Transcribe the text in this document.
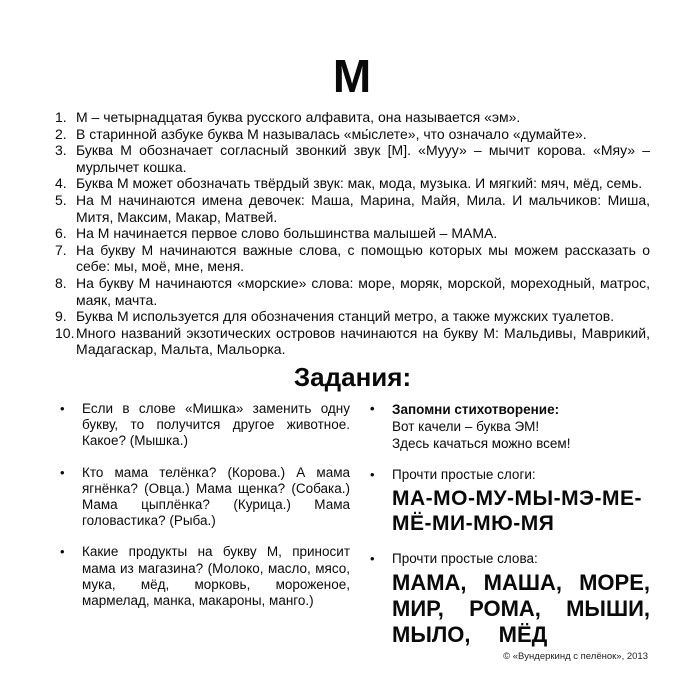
М
1. М – четырнадцатая буква русского алфавита, она называется «эм».
2. В старинной азбуке буква М называлась «мы́слете», что означало «думайте».
3. Буква М обозначает согласный звонкий звук [М]. «Мууу» – мычит корова. «Мяу» – мурлычет кошка.
4. Буква М может обозначать твёрдый звук: мак, мода, музыка. И мягкий: мяч, мёд, семь.
5. На М начинаются имена девочек: Маша, Марина, Майя, Мила. И мальчиков: Миша, Митя, Максим, Макар, Матвей.
6. На М начинается первое слово большинства малышей – МАМА.
7. На букву М начинаются важные слова, с помощью которых мы можем рассказать о себе: мы, моё, мне, меня.
8. На букву М начинаются «морские» слова: море, моряк, морской, мореходный, матрос, маяк, мачта.
9. Буква М используется для обозначения станций метро, а также мужских туалетов.
10. Много названий экзотических островов начинаются на букву М: Мальдивы, Маврикий, Мадагаскар, Мальта, Мальорка.
Задания:
•	Если в слове «Мишка» заменить одну букву, то получится другое животное. Какое? (Мышка.)
•	Кто мама телёнка? (Корова.) А мама ягнёнка? (Овца.) Мама щенка? (Собака.) Мама цыплёнка? (Курица.) Мама головастика? (Рыба.)
•	Какие продукты на букву М, приносит мама из магазина? (Молоко, масло, мясо, мука, мёд, морковь, мороженое, мармелад, манка, макароны, манго.)
•	Запомни стихотворение:
Вот качели – буква ЭМ!
Здесь качаться можно всем!
•	Прочти простые слоги:
МА-МО-МУ-МЫ-МЭ-МЕ-
МЁ-МИ-МЮ-МЯ
•	Прочти простые слова:
МАМА, МАША, МОРЕ,
МИР, РОМА, МЫШИ,
МЫЛО, МЁД
© «Вундеркинд с пелёнок», 2013
